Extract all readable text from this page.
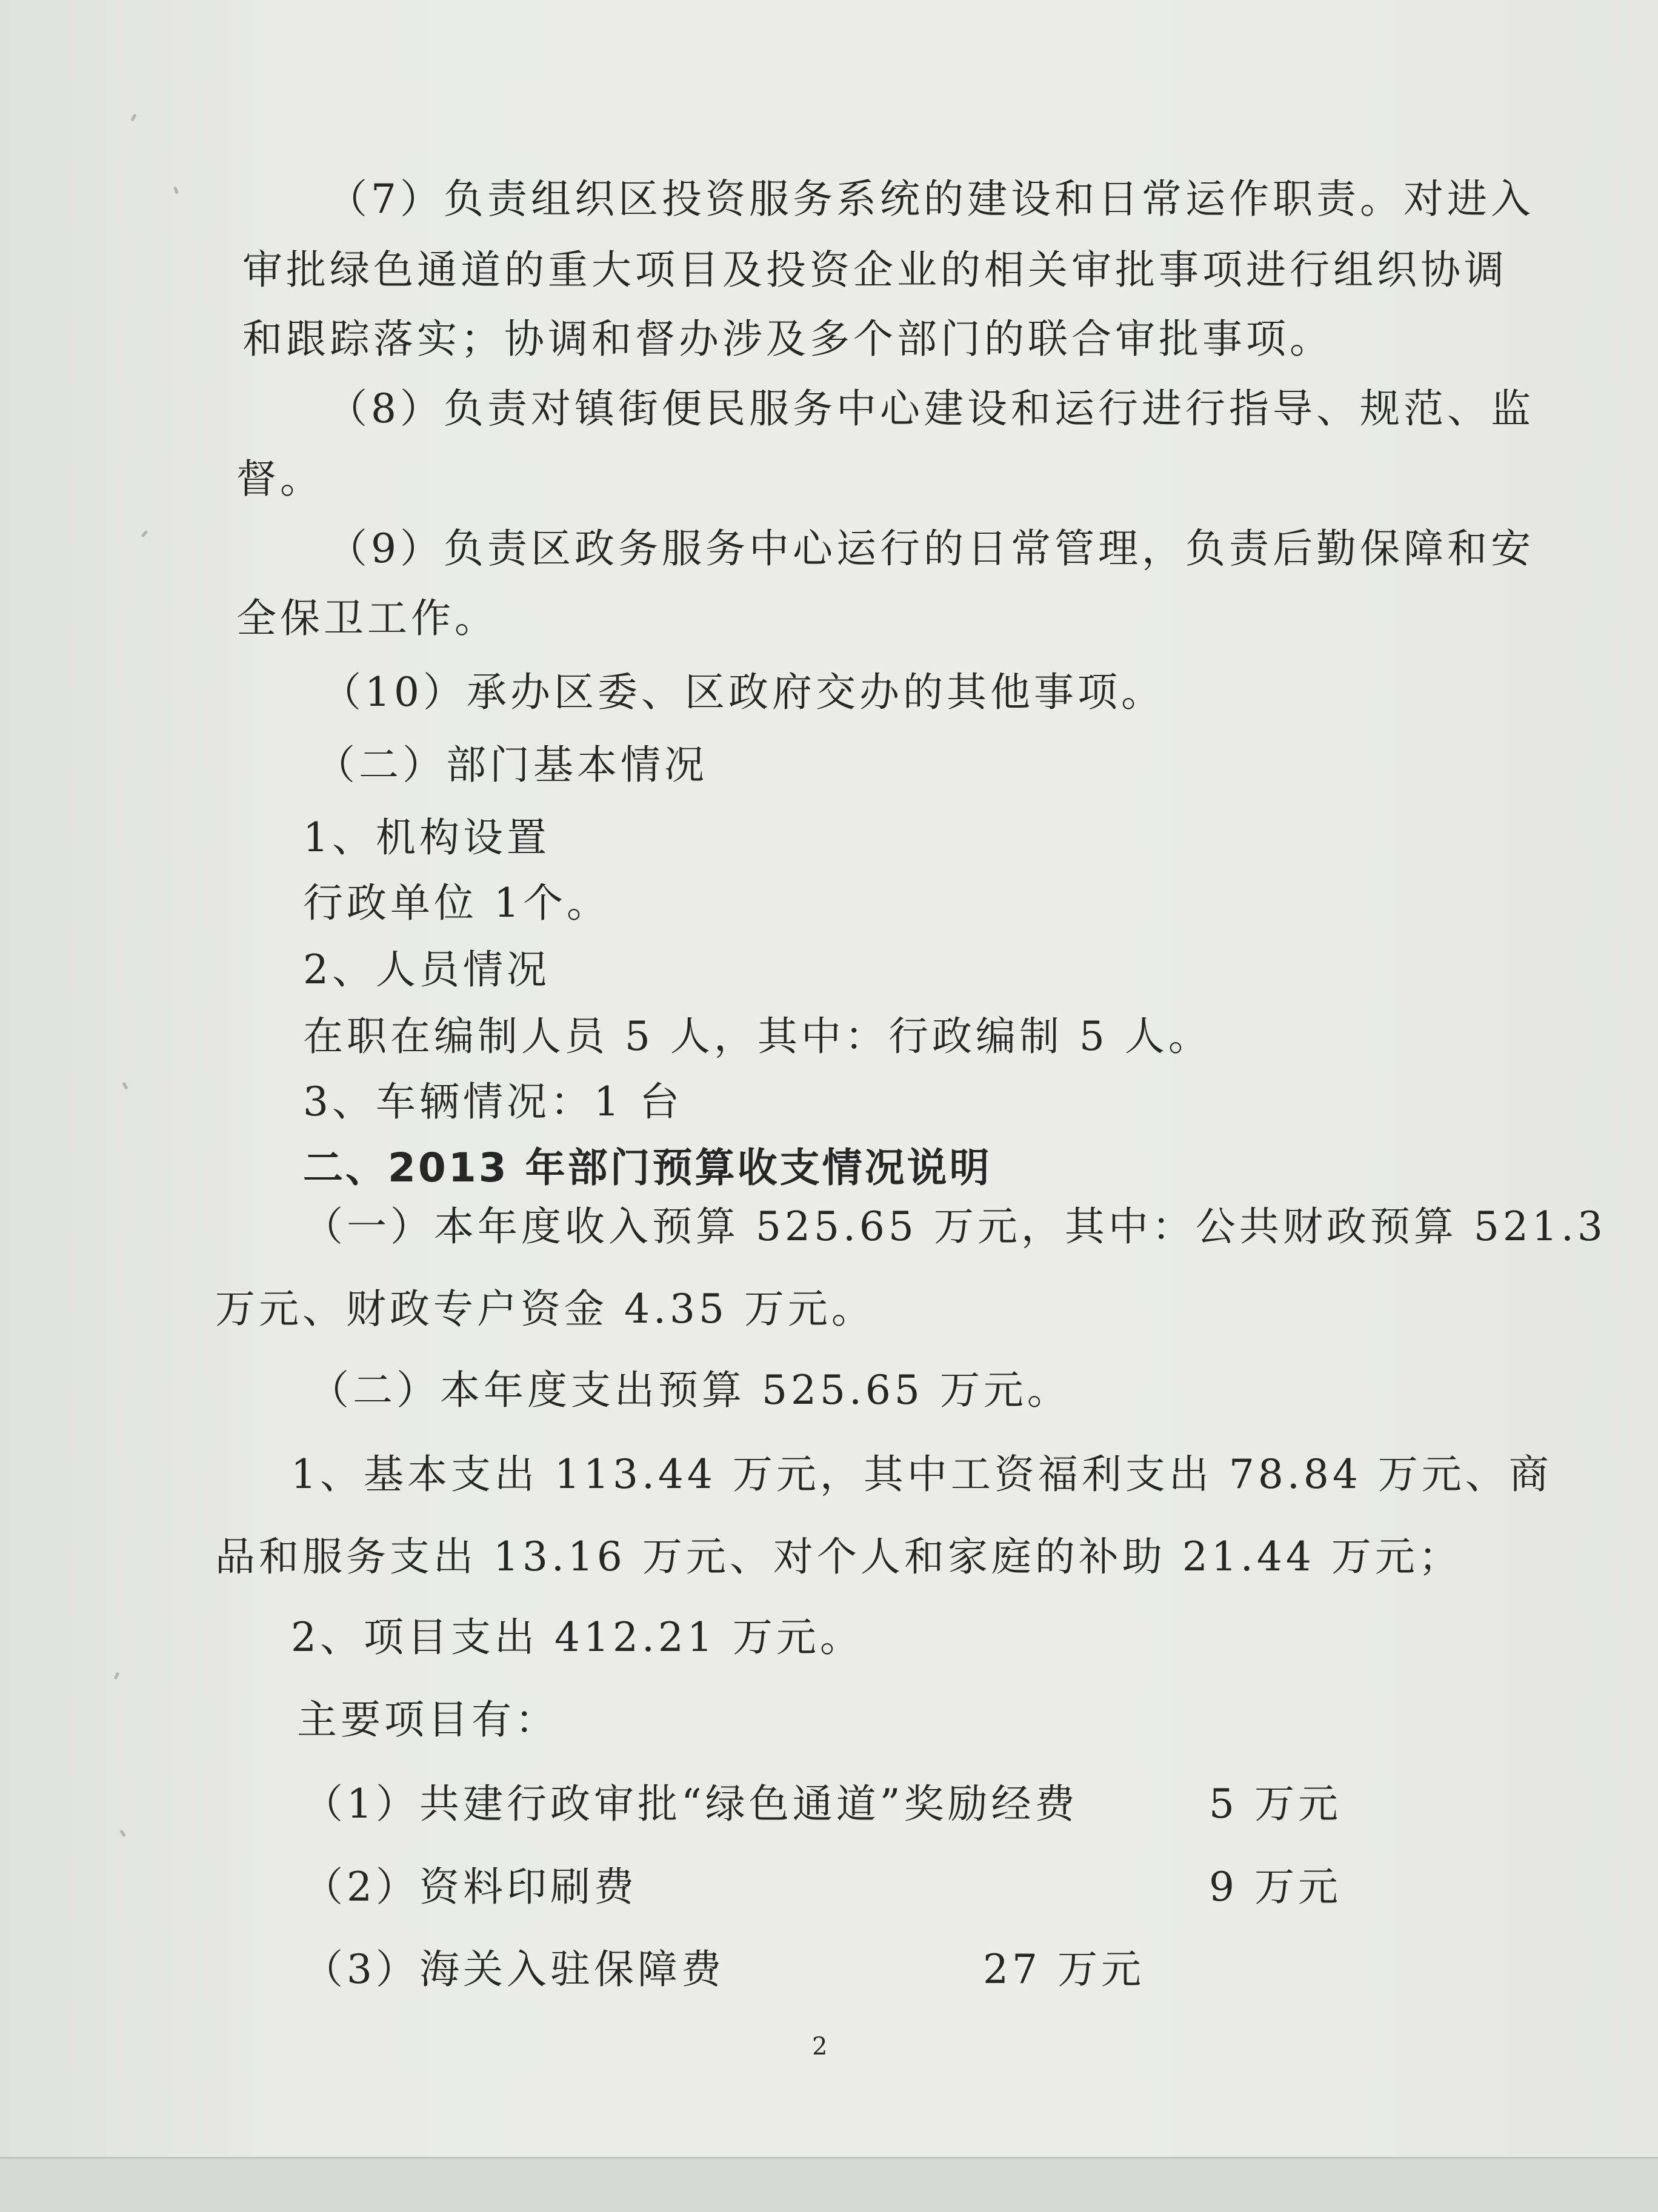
（7）负责组织区投资服务系统的建设和日常运作职责。对进入
审批绿色通道的重大项目及投资企业的相关审批事项进行组织协调
和跟踪落实；协调和督办涉及多个部门的联合审批事项。
（8）负责对镇街便民服务中心建设和运行进行指导、规范、监
督。
（9）负责区政务服务中心运行的日常管理，负责后勤保障和安
全保卫工作。
（10）承办区委、区政府交办的其他事项。
（二）部门基本情况
1、机构设置
行政单位 1个。
2、人员情况
在职在编制人员 5 人，其中：行政编制 5 人。
3、车辆情况：1 台
二、2013 年部门预算收支情况说明
（一）本年度收入预算 525.65 万元，其中：公共财政预算 521.3
万元、财政专户资金 4.35 万元。
（二）本年度支出预算 525.65 万元。
1、基本支出 113.44 万元，其中工资福利支出 78.84 万元、商
品和服务支出 13.16 万元、对个人和家庭的补助 21.44 万元；
2、项目支出 412.21 万元。
主要项目有：
（1）共建行政审批“绿色通道”奖励经费	5 万元
（2）资料印刷费	9 万元
（3）海关入驻保障费	27 万元
2
